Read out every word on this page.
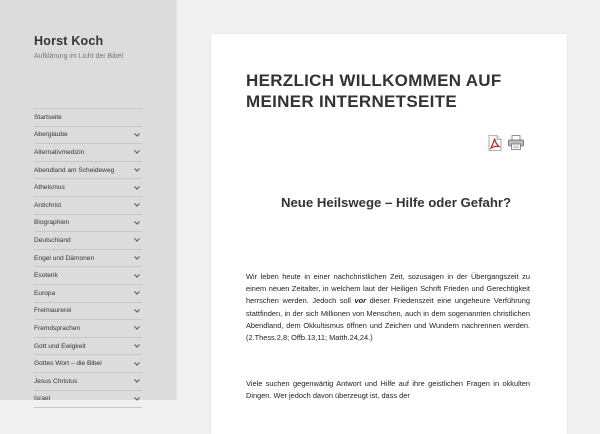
Horst Koch
Aufklärung im Licht der Bibel
Startseite
Aberglaube
Alternativmedizin
Abendland am Scheideweg
Atheismus
Antichrist
Biographien
Deutschland
Engel und Dämonen
Esoterik
Europa
Freimaurerei
Fremdsprachen
Gott und Ewigkeit
Gottes Wort – die Bibel
Jesus Christus
Israel
HERZLICH WILLKOMMEN AUF MEINER INTERNETSEITE
Neue Heilswege – Hilfe oder Gefahr?

Wir leben heute in einer nachchristlichen Zeit, sozusagen in der Übergangszeit zu einem neuen Zeitalter, in welchem laut der Heiligen Schrift Frieden und Gerechtigkeit herrschen werden. Jedoch soll vor dieser Friedenszeit eine ungeheure Verführung stattfinden, in der sich Millionen von Menschen, auch in dem sogenannten christlichen Abendland, dem Okkultismus öffnen und Zeichen und Wundern nachrennen werden. (2.Thess.2,8; Offb.13,11; Matth.24,24.)

Viele suchen gegenwärtig Antwort und Hilfe auf ihre geistlichen Fragen in okkulten Dingen. Wer jedoch davon überzeugt ist, dass der
